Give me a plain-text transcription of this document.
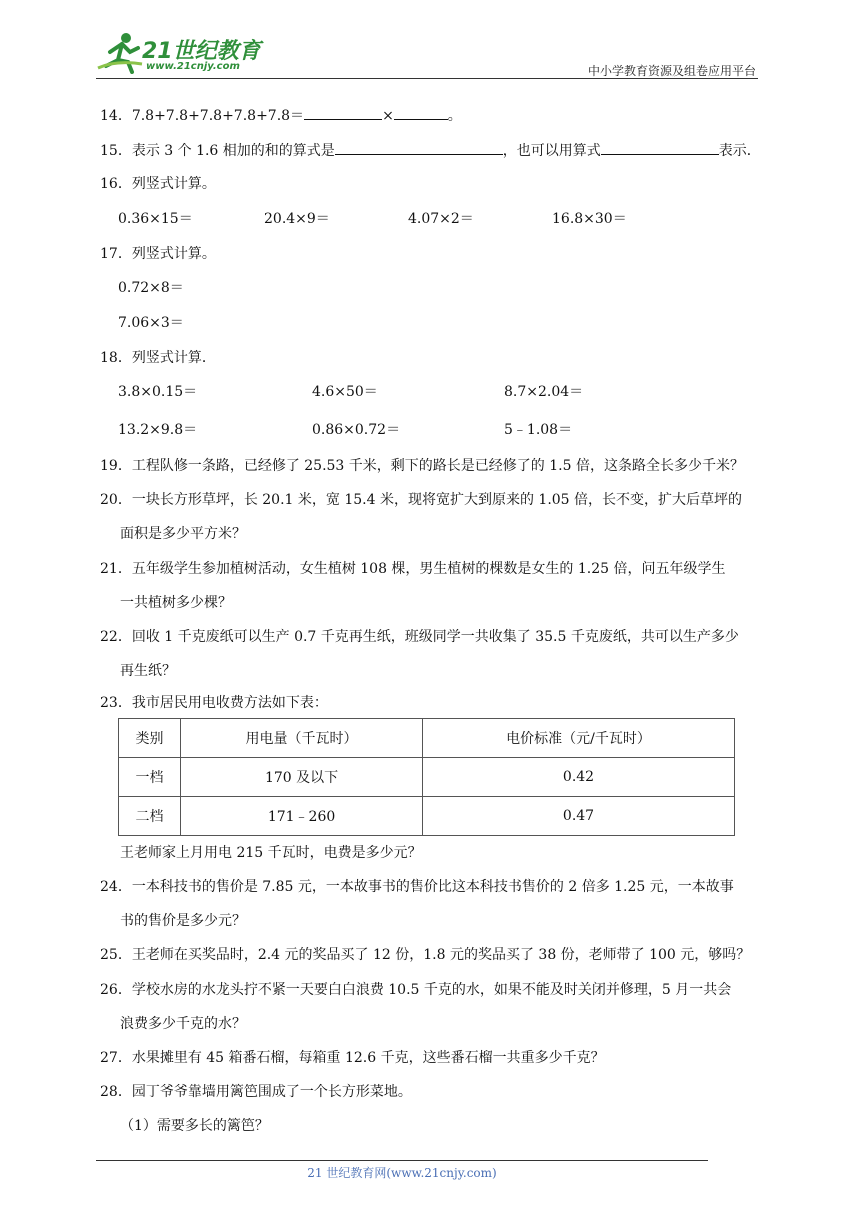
21世纪教育
www.21cnjy.com	中小学教育资源及组卷应用平台
14．7.8+7.8+7.8+7.8+7.8＝	×	。
15．表示 3 个 1.6 相加的和的算式是	，也可以用算式	表示．
16．列竖式计算。
0.36×15＝	20.4×9＝	4.07×2＝	16.8×30＝
17．列竖式计算。
0.72×8＝
7.06×3＝
18．列竖式计算．
3.8×0.15＝	4.6×50＝	8.7×2.04＝
13.2×9.8＝	0.86×0.72＝	5﹣1.08＝
19．工程队修一条路，已经修了 25.53 千米，剩下的路长是已经修了的 1.5 倍，这条路全长多少千米？
20．一块长方形草坪，长 20.1 米，宽 15.4 米，现将宽扩大到原来的 1.05 倍，长不变，扩大后草坪的
面积是多少平方米？
21．五年级学生参加植树活动，女生植树 108 棵，男生植树的棵数是女生的 1.25 倍，问五年级学生
一共植树多少棵？
22．回收 1 千克废纸可以生产 0.7 千克再生纸，班级同学一共收集了 35.5 千克废纸，共可以生产多少
再生纸？
23．我市居民用电收费方法如下表：
类别	用电量（千瓦时）	电价标准（元/千瓦时）
一档	170 及以下	0.42
二档	171﹣260	0.47
王老师家上月用电 215 千瓦时，电费是多少元？
24．一本科技书的售价是 7.85 元，一本故事书的售价比这本科技书售价的 2 倍多 1.25 元，一本故事
书的售价是多少元？
25．王老师在买奖品时，2.4 元的奖品买了 12 份，1.8 元的奖品买了 38 份，老师带了 100 元，够吗？
26．学校水房的水龙头拧不紧一天要白白浪费 10.5 千克的水，如果不能及时关闭并修理，5 月一共会
浪费多少千克的水？
27．水果摊里有 45 箱番石榴，每箱重 12.6 千克，这些番石榴一共重多少千克？
28．园丁爷爷靠墙用篱笆围成了一个长方形菜地。
（1）需要多长的篱笆？
21 世纪教育网(www.21cnjy.com)
